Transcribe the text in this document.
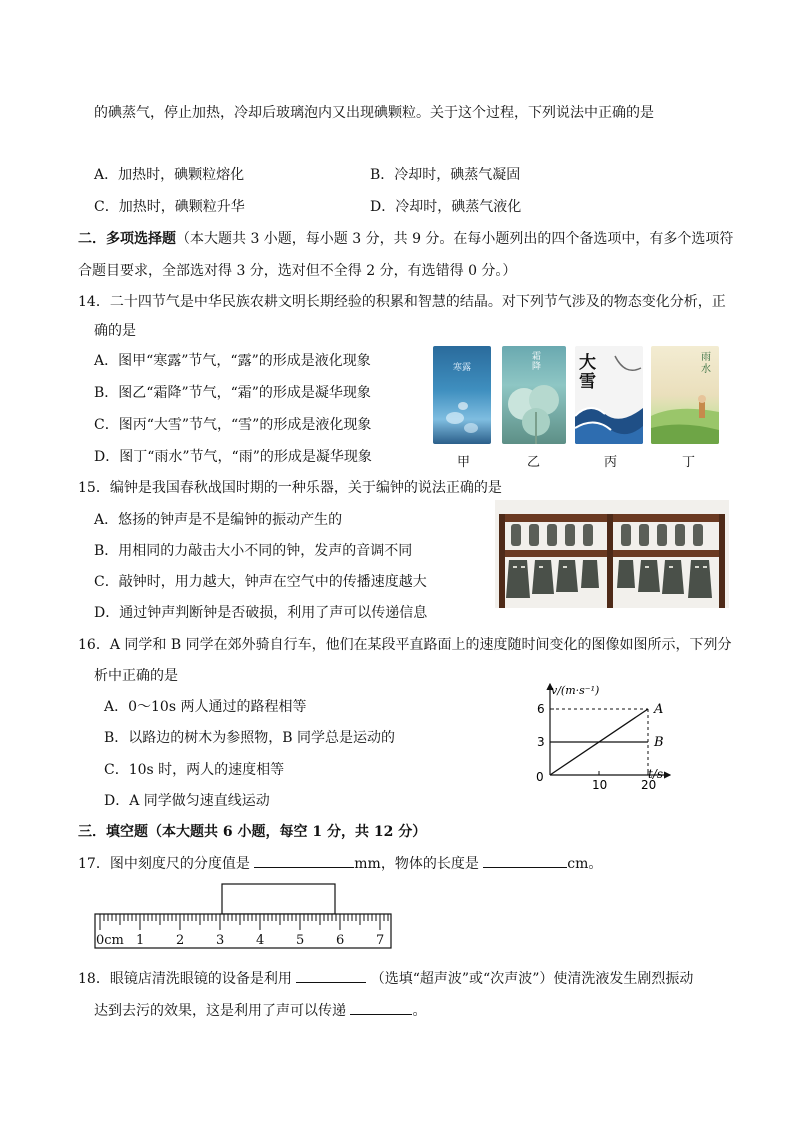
的碘蒸气，停止加热，冷却后玻璃泡内又出现碘颗粒。关于这个过程，下列说法中正确的是
A．加热时，碘颗粒熔化	B．冷却时，碘蒸气凝固
C．加热时，碘颗粒升华	D．冷却时，碘蒸气液化
二．多项选择题（本大题共 3 小题，每小题 3 分，共 9 分。在每小题列出的四个备选项中，有多个选项符
合题目要求，全部选对得 3 分，选对但不全得 2 分，有选错得 0 分。）
14．二十四节气是中华民族农耕文明长期经验的积累和智慧的结晶。对下列节气涉及的物态变化分析，正
确的是
A．图甲“寒露”节气，“露”的形成是液化现象
B．图乙“霜降”节气，“霜”的形成是凝华现象
C．图丙“大雪”节气，“雪”的形成是液化现象
D．图丁“雨水”节气，“雨”的形成是凝华现象
寒露
霜降 大雪
雨水
甲	乙	丙	丁
15．编钟是我国春秋战国时期的一种乐器，关于编钟的说法正确的是
A．悠扬的钟声是不是编钟的振动产生的
B．用相同的力敲击大小不同的钟，发声的音调不同
C．敲钟时，用力越大，钟声在空气中的传播速度越大
D．通过钟声判断钟是否破损，利用了声可以传递信息
16．A 同学和 B 同学在郊外骑自行车，他们在某段平直路面上的速度随时间变化的图像如图所示，下列分
析中正确的是
A．0～10s 两人通过的路程相等
B．以路边的树木为参照物，B 同学总是运动的
C．10s 时，两人的速度相等
D．A 同学做匀速直线运动
A
B
10	20
3
6
v/(m·s⁻¹)
t/s
0
三．填空题（本大题共 6 小题，每空 1 分，共 12 分）
17．图中刻度尺的分度值是	mm，物体的长度是	cm。
0cm 1 2 3 4 5 6 7
18．眼镜店清洗眼镜的设备是利用	（选填“超声波”或“次声波”）使清洗液发生剧烈振动
达到去污的效果，这是利用了声可以传递	。
